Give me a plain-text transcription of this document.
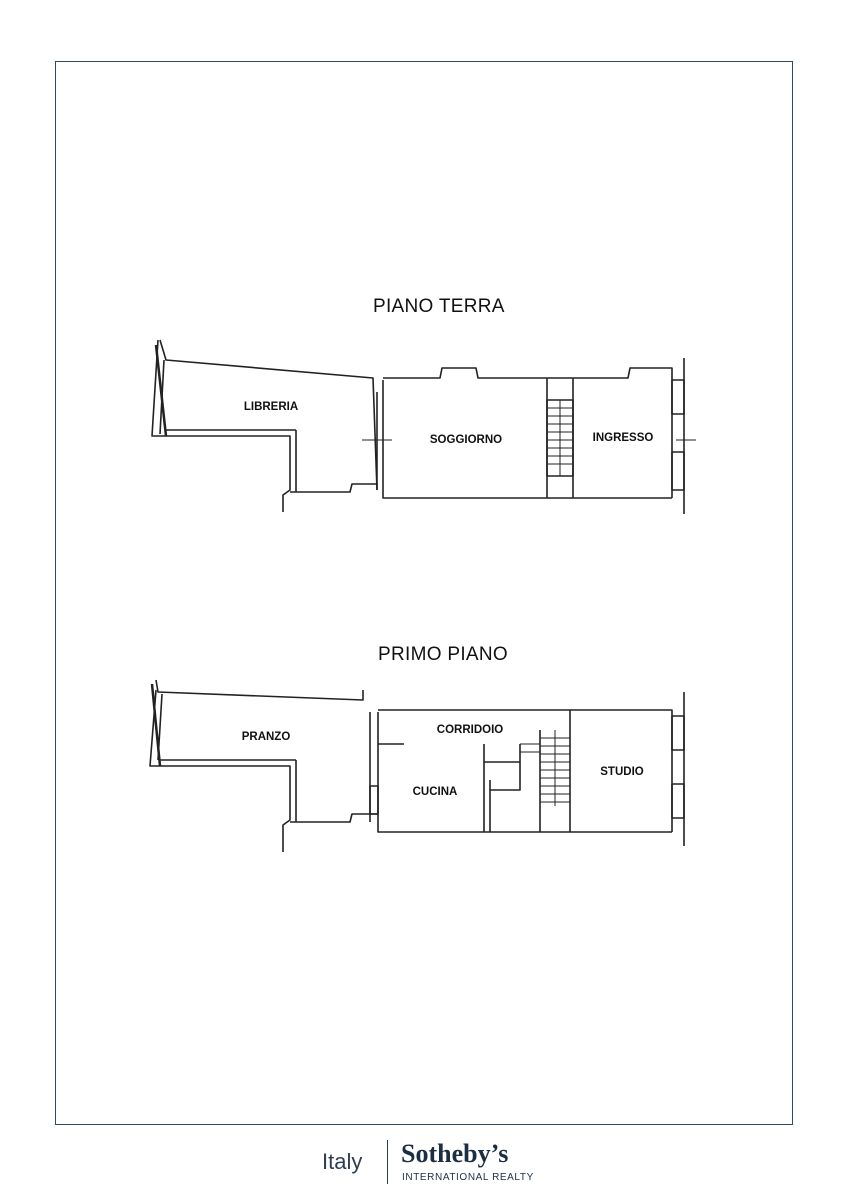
PIANO TERRA
PRIMO PIANO
LIBRERIA
SOGGIORNO	INGRESSO
PRANZO
CORRIDOIO
CUCINA
STUDIO
Italy Sotheby’s
INTERNATIONAL REALTY
